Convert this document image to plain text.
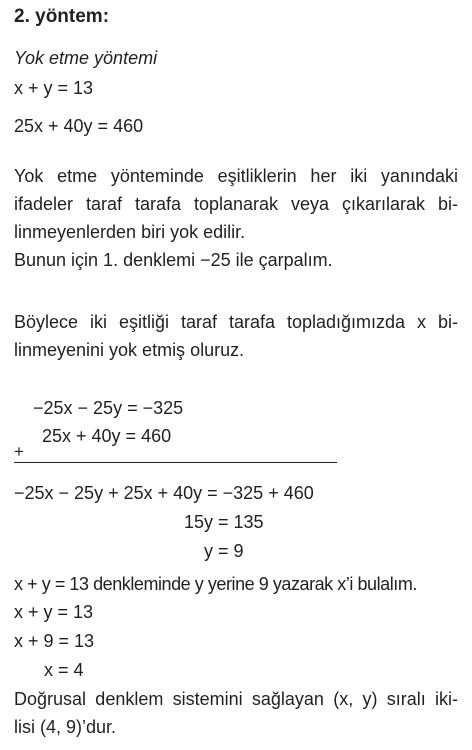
2. yöntem:
Yok etme yöntemi
x + y = 13
25x + 40y = 460
Yok etme yönteminde eşitliklerin her iki yanındaki
ifadeler taraf tarafa toplanarak veya çıkarılarak bi-
linmeyenlerden biri yok edilir.
Bunun için 1. denklemi −25 ile çarpalım.
Böylece iki eşitliği taraf tarafa topladığımızda x bi-
linmeyenini yok etmiş oluruz.
−25x − 25y = −325
25x + 40y = 460
+
−25x − 25y + 25x + 40y = −325 + 460
15y = 135
y = 9
x + y = 13 denkleminde y yerine 9 yazarak x’i bulalım.
x + y = 13
x + 9 = 13
x = 4
Doğrusal denklem sistemini sağlayan (x, y) sıralı iki-
lisi (4, 9)’dur.
